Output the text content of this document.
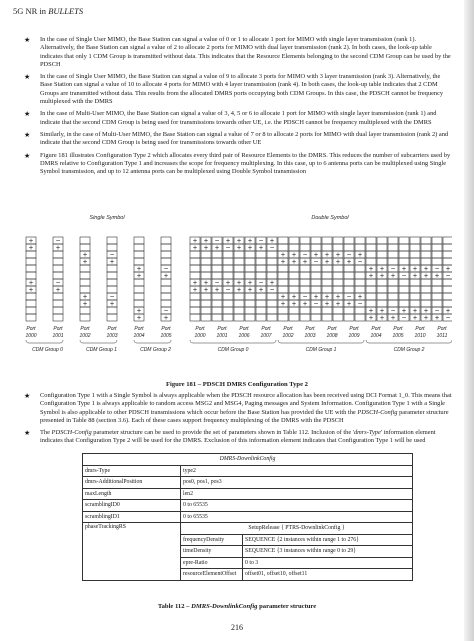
5G NR in BULLETS
★ In the case of Single User MIMO, the Base Station can signal a value of 0 or 1 to allocate 1 port for MIMO with single layer transmission (rank 1). Alternatively, the Base Station can signal a value of 2 to allocate 2 ports for MIMO with dual layer transmission (rank 2). In both cases, the look-up table indicates that only 1 CDM Group is transmitted without data. This indicates that the Resource Elements belonging to the second CDM Group can be used by the PDSCH
★ In the case of Single User MIMO, the Base Station can signal a value of 9 to allocate 3 ports for MIMO with 3 layer transmission (rank 3). Alternatively, the Base Station can signal a value of 10 to allocate 4 ports for MIMO with 4 layer transmission (rank 4). In both cases, the look-up table indicates that 2 CDM Groups are transmitted without data. This results from the allocated DMRS ports occupying both CDM Groups. In this case, the PDSCH cannot be frequency multiplexed with the DMRS
★ In the case of Multi-User MIMO, the Base Station can signal a value of 3, 4, 5 or 6 to allocate 1 port for MIMO with single layer transmission (rank 1) and indicate that the second CDM Group is being used for transmissions towards other UE, i.e. the PDSCH cannot be frequency multiplexed with the DMRS
★ Similarly, in the case of Multi-User MIMO, the Base Station can signal a value of 7 or 8 to allocate 2 ports for MIMO with dual layer transmission (rank 2) and indicate that the second CDM Group is being used for transmissions towards other UE
★ Figure 181 illustrates Configuration Type 2 which allocates every third pair of Resource Elements to the DMRS. This reduces the number of subcarriers used by DMRS relative to Configuration Type 1 and increases the scope for frequency multiplexing. In this case, up to 6 antenna ports can be multiplexed using Single Symbol transmission, and up to 12 antenna ports can be multiplexed using Double Symbol transmission
Single Symbol
+
+
+
+
Port
1000
−
+
−
+
Port
1001
+
+
+
+
Port
1002
−
+
−
+
Port
1003
+
+
+
+
Port
1004
−
+
−
+
Port
1005
CDM Group 0	CDM Group 1	CDM Group 2
Double Symbol
+
+
+
+
+
+
+
+
Port
1000
−
+
−
+
+
−
+
−
Port
1001
+
+
+
+
+
+
+
+
Port
1006
−
+
−
+
+
−
+
−
Port
1007
+
+
+
+
+
+
+
+
Port
1002
−
+
−
+
+
−
+
−
Port
1003
+
+
+
+
+
+
+
+
Port
1008
−
+
−
+
+
−
+
−
Port
1009
+
+
+
+
+
+
+
+
Port
1004
−
+
−
+
+
−
+
−
Port
1005
+
+
+
+
+
+
+
+
Port
1010
−
+
−
+
+
−
+
−
Port
1011
CDM Group 0	CDM Group 1	CDM Group 2
Figure 181 – PDSCH DMRS Configuration Type 2
★ Configuration Type 1 with a Single Symbol is always applicable when the PDSCH resource allocation has been received using DCI Format 1_0. This means that Configuration Type 1 is always applicable to random access MSG2 and MSG4, Paging messages and System Information. Configuration Type 1 with a Single Symbol is also applicable to other PDSCH transmissions which occur before the Base Station has provided the UE with the PDSCH-Config parameter structure presented in Table 88 (section 3.6). Each of these cases support frequency multiplexing of the DMRS with the PDSCH
★ The PDSCH-Config parameter structure can be used to provide the set of parameters shown in Table 112. Inclusion of the 'dmrs-Type' information element indicates that Configuration Type 2 will be used for the DMRS. Exclusion of this information element indicates that Configuration Type 1 will be used
DMRS-DownlinkConfig		
dmrs-Type	type2	
dmrs-AdditionalPosition	pos0, pos1, pos3	
maxLength	len2	
scramblingID0	0 to 65535	
scramblingID1	0 to 65535	
phaseTrackingRS	SetupRelease { PTRS-DownlinkConfig }	
	frequencyDensity	SEQUENCE {2 instances within range 1 to 276}
	timeDensity	SEQUENCE {3 instances within range 0 to 29}
	epre-Ratio	0 to 3
	resourceElementOffset	offset01, offset10, offset11
Table 112 – DMRS-DownlinkConfig parameter structure
216
